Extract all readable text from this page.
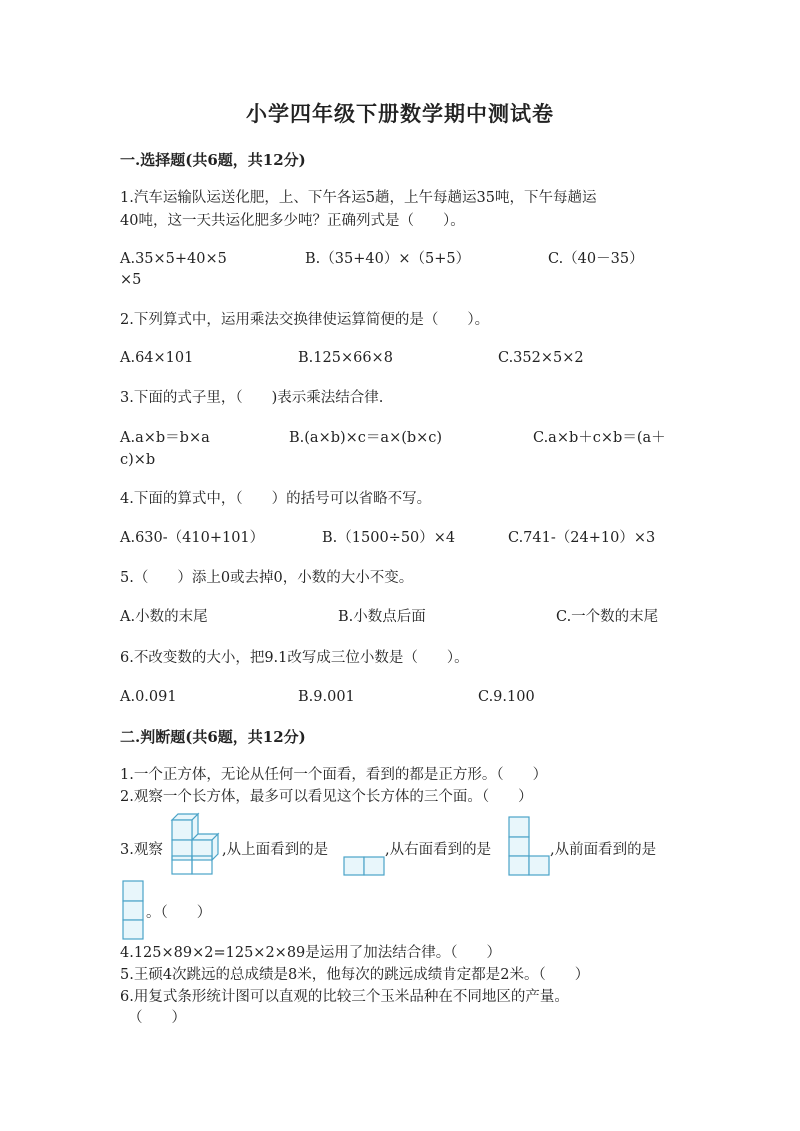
小学四年级下册数学期中测试卷
一.选择题(共6题，共12分)
1.汽车运输队运送化肥，上、下午各运5趟，上午每趟运35吨，下午每趟运
40吨，这一天共运化肥多少吨？正确列式是（　　）。
A.35×5+40×5	B.（35+40）×（5+5）	C.（40－35）
×5
2.下列算式中，运用乘法交换律使运算简便的是（　　）。
A.64×101	B.125×66×8	C.352×5×2
3.下面的式子里，（　　)表示乘法结合律.
A.a×b＝b×a	B.(a×b)×c＝a×(b×c)	C.a×b＋c×b＝(a＋
c)×b
4.下面的算式中，（　　）的括号可以省略不写。
A.630-（410+101）	B.（1500÷50）×4	C.741-（24+10）×3
5.（　　）添上0或去掉0，小数的大小不变。
A.小数的末尾	B.小数点后面	C.一个数的末尾
6.不改变数的大小，把9.1改写成三位小数是（　　）。
A.0.091	B.9.001	C.9.100
二.判断题(共6题，共12分)
1.一个正方体，无论从任何一个面看，看到的都是正方形。（　　）
2.观察一个长方体，最多可以看见这个长方体的三个面。（　　）
3.观察	,从上面看到的是	,从右面看到的是	,从前面看到的是
。（　　）
4.125×89×2=125×2×89是运用了加法结合律。（　　）
5.王硕4次跳远的总成绩是8米，他每次的跳远成绩肯定都是2米。（　　）
6.用复式条形统计图可以直观的比较三个玉米品种在不同地区的产量。
（　　）
